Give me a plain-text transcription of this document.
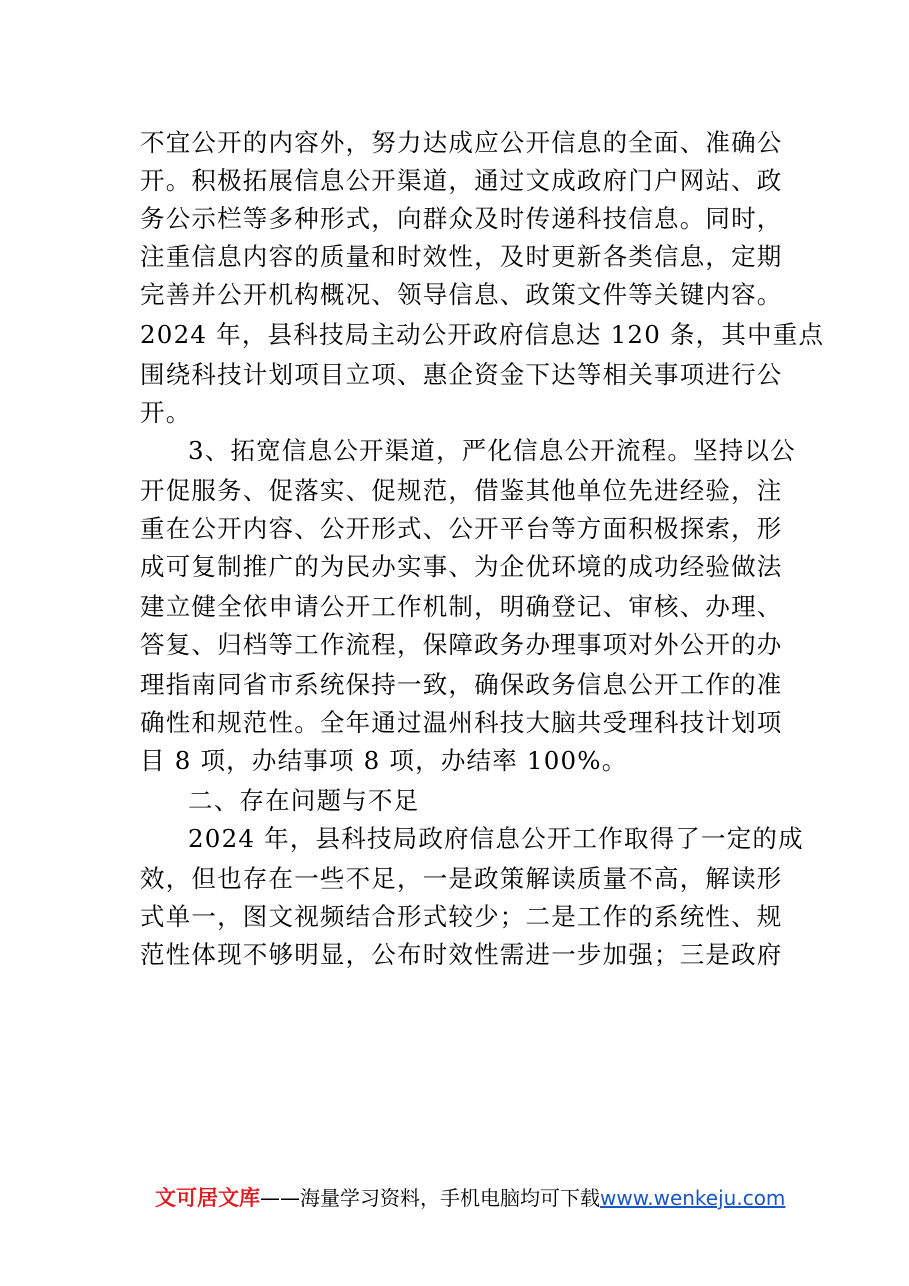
不宜公开的内容外，努力达成应公开信息的全面、准确公
开。积极拓展信息公开渠道，通过文成政府门户网站、政
务公示栏等多种形式，向群众及时传递科技信息。同时，
注重信息内容的质量和时效性，及时更新各类信息，定期
完善并公开机构概况、领导信息、政策文件等关键内容。
2024 年，县科技局主动公开政府信息达 120 条，其中重点
围绕科技计划项目立项、惠企资金下达等相关事项进行公
开。
3、拓宽信息公开渠道，严化信息公开流程。坚持以公
开促服务、促落实、促规范，借鉴其他单位先进经验，注
重在公开内容、公开形式、公开平台等方面积极探索，形
成可复制推广的为民办实事、为企优环境的成功经验做法
建立健全依申请公开工作机制，明确登记、审核、办理、
答复、归档等工作流程，保障政务办理事项对外公开的办
理指南同省市系统保持一致，确保政务信息公开工作的准
确性和规范性。全年通过温州科技大脑共受理科技计划项
目 8 项，办结事项 8 项，办结率 100%。
二、存在问题与不足
2024 年，县科技局政府信息公开工作取得了一定的成
效，但也存在一些不足，一是政策解读质量不高，解读形
式单一，图文视频结合形式较少；二是工作的系统性、规
范性体现不够明显，公布时效性需进一步加强；三是政府
文可居文库——海量学习资料，手机电脑均可下载www.wenkeju.com
